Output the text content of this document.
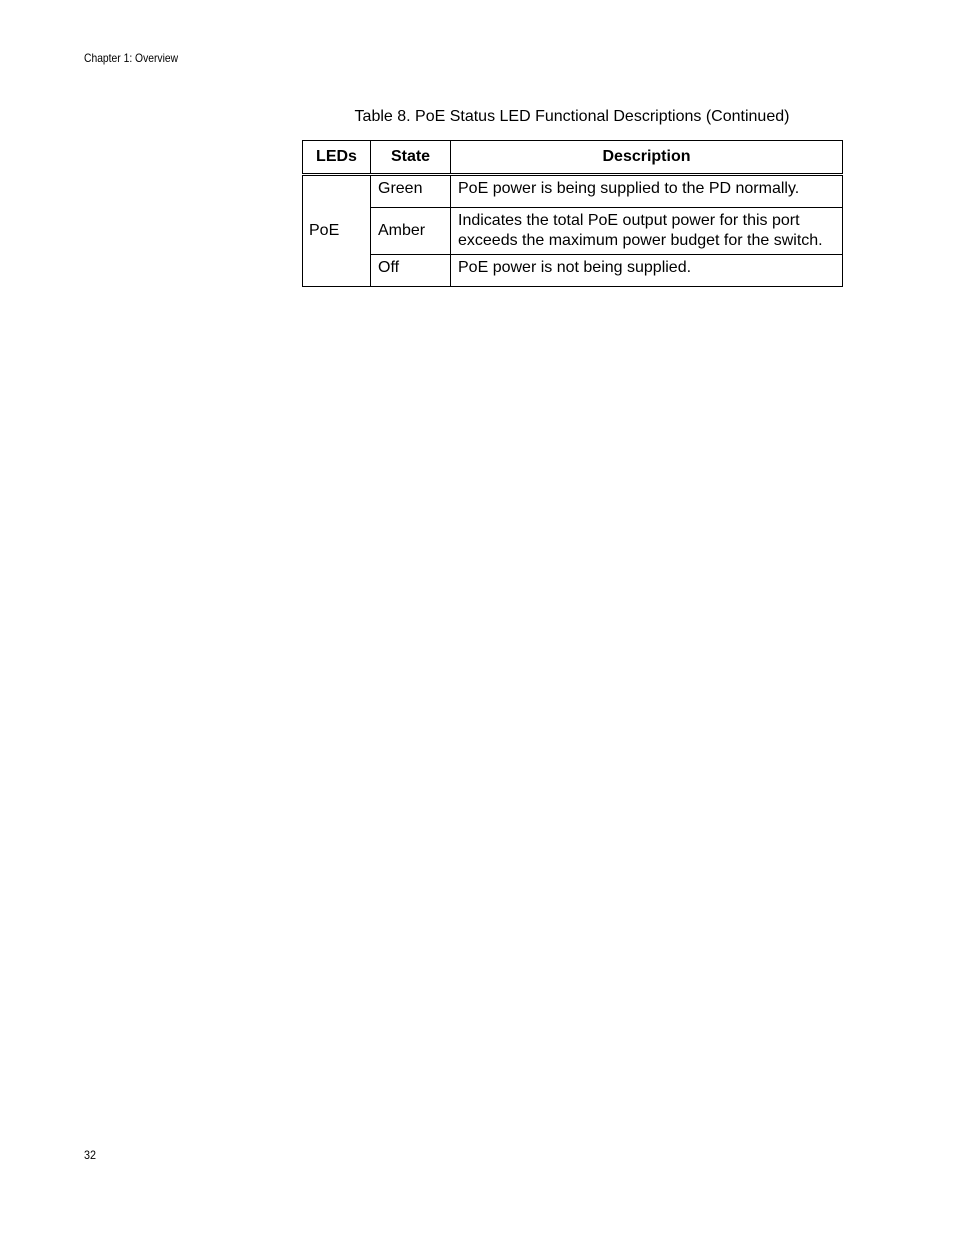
Chapter 1: Overview
Table 8. PoE Status LED Functional Descriptions (Continued)
LEDs	State	Description
PoE	Green	PoE power is being supplied to the PD normally.
	Amber	Indicates the total PoE output power for this port exceeds the maximum power budget for the switch.
	Off	PoE power is not being supplied.
32
